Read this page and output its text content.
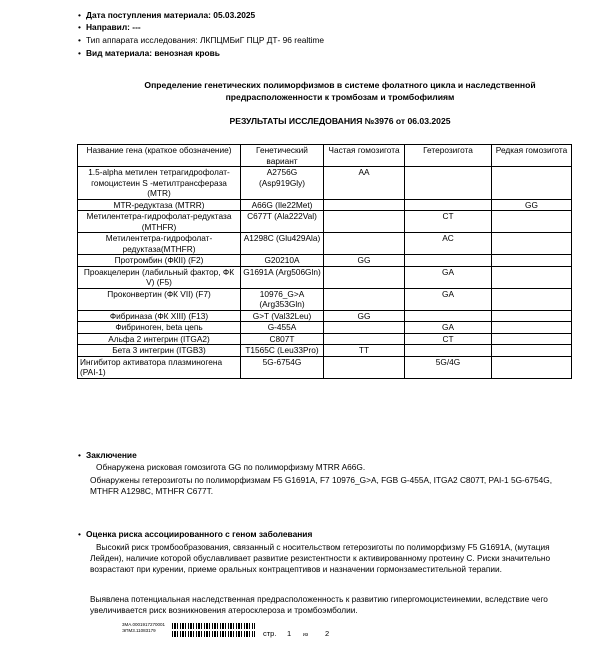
• Дата поступления материала: 05.03.2025
• Направил: ---
• Тип аппарата исследования: ЛКПЦМБиГ ПЦР ДТ- 96 realtime
• Вид материала: венозная кровь
Определение генетических полиморфизмов в системе фолатного цикла и наследственной
предрасположенности к тромбозам и тромбофилиям
РЕЗУЛЬТАТЫ ИССЛЕДОВАНИЯ №3976 от 06.03.2025
Название гена (краткое обозначение)	Генетический вариант	Частая гомозигота	Гетерозигота	Редкая гомозигота
1.5-alpha метилен тетрагидрофолат-гомоцистеин S -метилтрансфераза (MTR)	A2756G (Asp919Gly)	AA		
MTR-редуктаза (MTRR)	A66G (Ile22Met)			GG
Метилентетра-гидрофолат-редуктаза (MTHFR)	C677T (Ala222Val)		CT	
Метилентетра-гидрофолат-редуктаза(MTHFR)	A1298C (Glu429Ala)		AC	
Протромбин (ФКII) (F2)	G20210A	GG		
Проакцелерин (лабильный фактор, ФК V) (F5)	G1691A (Arg506Gln)		GA	
Проконвертин (ФК VII) (F7)	10976_G>A (Arg353Gln)		GA	
Фибриназа (ФК XIII) (F13)	G>T (Val32Leu)	GG		
Фибриноген, beta цепь	G-455A		GA	
Альфа 2 интегрин (ITGA2)	C807T		CT	
Бета 3 интегрин (ITGB3)	T1565C (Leu33Pro)	TT		
Ингибитор активатора плазминогена (PAI-1)	5G-6754G		5G/4G	
• Заключение
Обнаружена рисковая гомозигота GG по полиморфизму MTRR A66G.
Обнаружены гетерозиготы по полиморфизмам F5 G1691A, F7 10976_G>A, FGB G-455A, ITGA2 C807T, PAI-1 5G-6754G, MTHFR A1298C, MTHFR C677T.
• Оценка риска ассоциированного с геном заболевания
Высокий риск тромбообразования, связанный с носительством гетерозиготы по полиморфизму F5 G1691A, (мутация Лейден), наличие которой обуславливает развитие резистентности к активированному протеину C. Риски значительно возрастают при курении, приеме оральных контрацептивов и назначении гормонзаместительной терапии.
Выявлена потенциальная наследственная предрасположенность к развитию гипергомоцистеинемии, вследствие чего увеличивается риск возникновения атеросклероза и тромбоэмболии.
3МА.0001917270001
ЭПМ3.11083179	стр. 1 из 2
